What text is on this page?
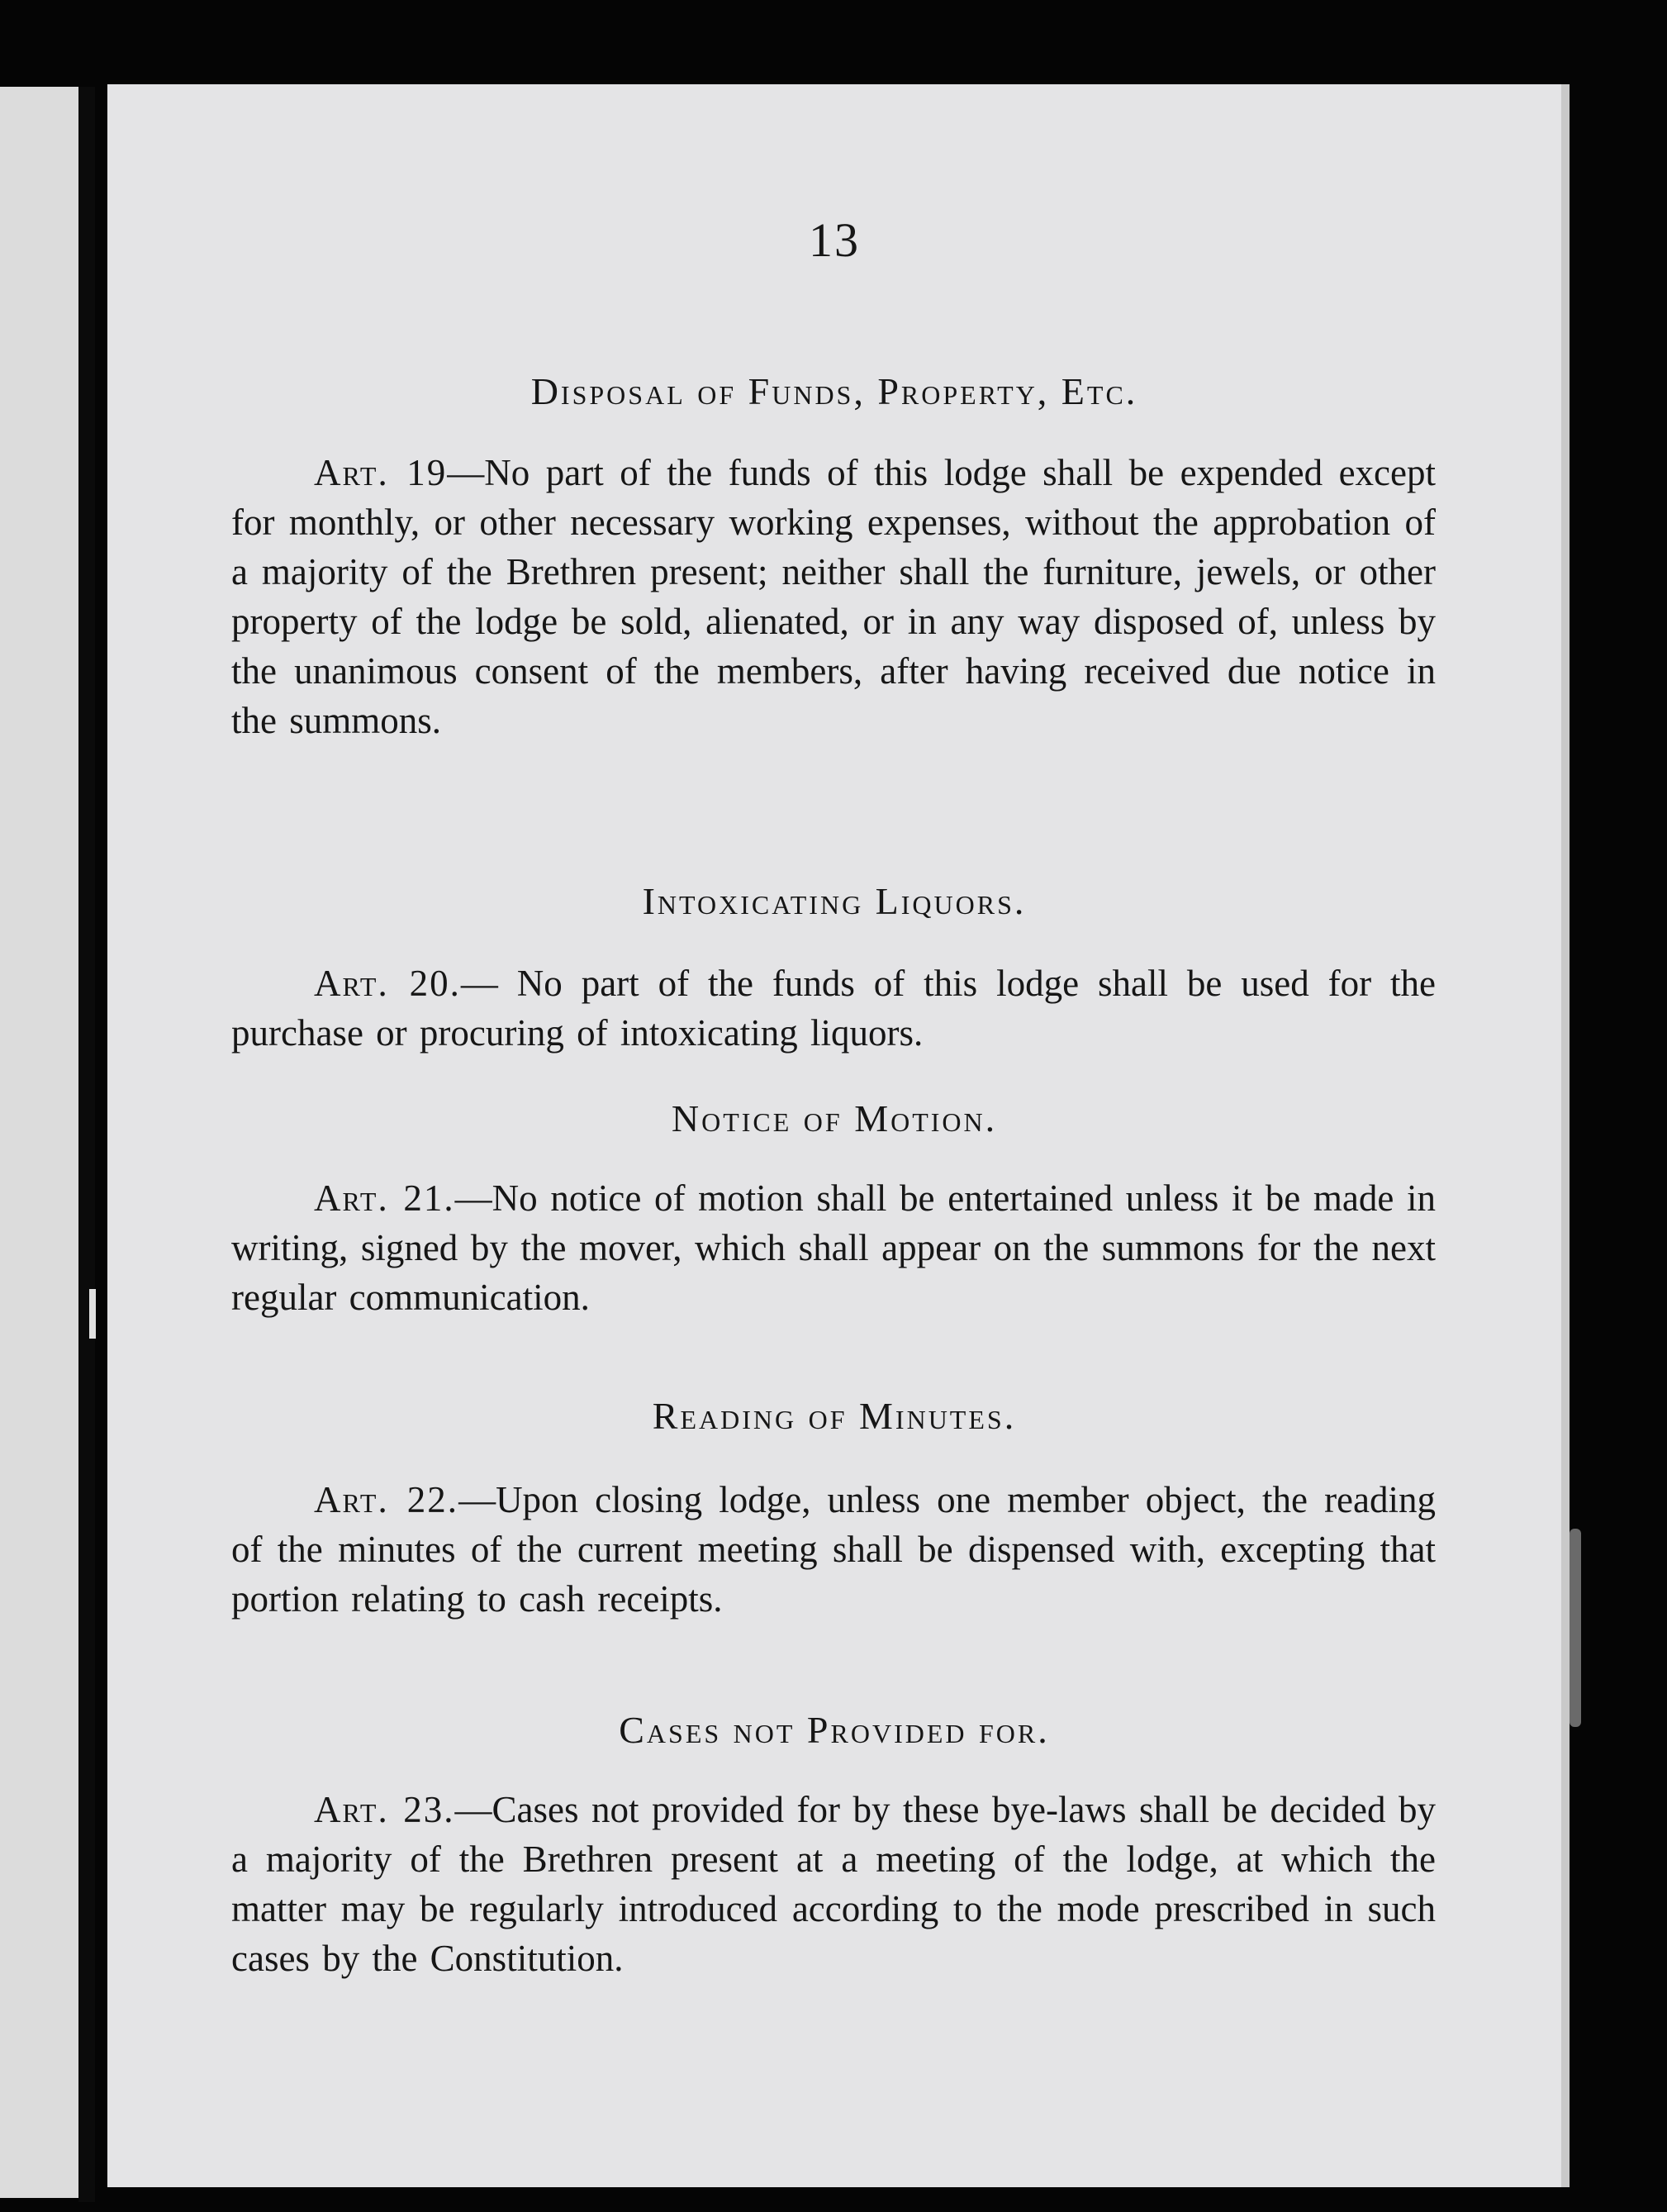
13
Disposal of Funds, Property, Etc.
Art. 19—No part of the funds of this lodge shall be expended except for monthly, or other necessary working expenses, without the approbation of a majority of the Brethren present; neither shall the furniture, jewels, or other property of the lodge be sold, alienated, or in any way disposed of, unless by the unanimous consent of the members, after having received due notice in the summons.
Intoxicating Liquors.
Art. 20.— No part of the funds of this lodge shall be used for the purchase or procuring of intoxicating liquors.
Notice of Motion.
Art. 21.—No notice of motion shall be entertained unless it be made in writing, signed by the mover, which shall appear on the summons for the next regular communication.
Reading of Minutes.
Art. 22.—Upon closing lodge, unless one member object, the reading of the minutes of the current meeting shall be dispensed with, excepting that portion relating to cash receipts.
Cases not Provided for.
Art. 23.—Cases not provided for by these bye-laws shall be decided by a majority of the Brethren present at a meeting of the lodge, at which the matter may be regularly introduced according to the mode prescribed in such cases by the Constitution.
